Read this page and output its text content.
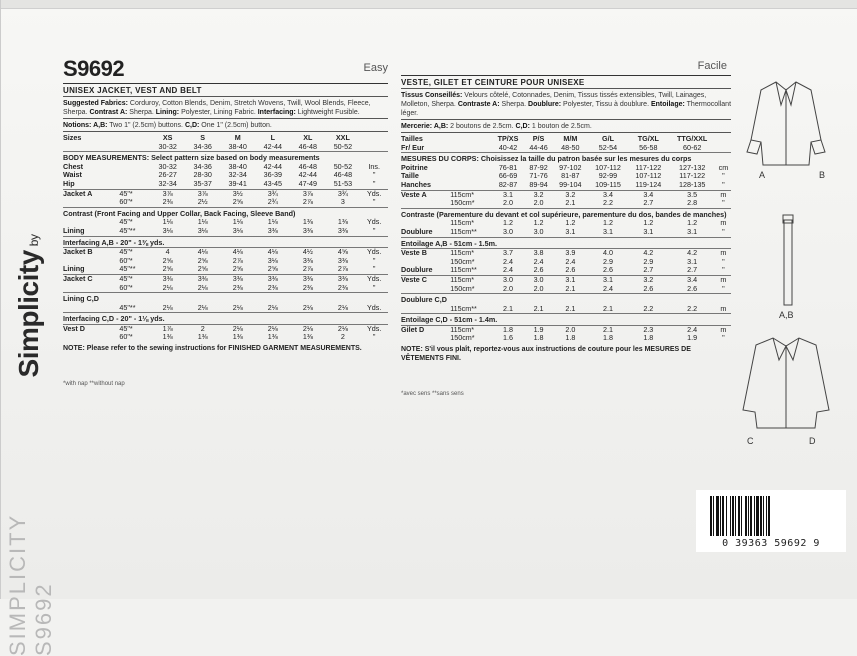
Simplicityby
SIMPLICITY S9692
S9692	Easy
UNISEX JACKET, VEST AND BELT
Suggested Fabrics: Corduroy, Cotton Blends, Denim, Stretch Wovens, Twill, Wool Blends, Fleece, Sherpa. Contrast A: Sherpa. Lining: Polyester, Lining Fabric. Interfacing: Lightweight Fusible.
Notions: A,B: Two 1" (2.5cm) buttons. C,D: One 1" (2.5cm) button.
Sizes		XS	S	M	L	XL	XXL	
		30-32	34-36	38-40	42-44	46-48	50-52	
BODY MEASUREMENTS: Select pattern size based on body measurements								
Chest		30-32	34-36	38-40	42-44	46-48	50-52	Ins.
Waist		26-27	28-30	32-34	36-39	42-44	46-48	"
Hip		32-34	35-37	39-41	43-45	47-49	51-53	"
Jacket A	45"*	3⅞	3⅞	3½	3¾	3⅞	3¾	Yds.
	60"*	2⅜	2½	2⅝	2¾	2⅞	3	"
Contrast (Front Facing and Upper Collar, Back Facing, Sleeve Band)								
	45"*	1⅛	1⅛	1⅛	1⅛	1⅜	1⅜	Yds.
Lining	45"**	3⅛	3⅛	3⅛	3⅜	3⅜	3⅜	"
Interfacing A,B - 20" - 1⅜ yds.								
Jacket B	45"*	4	4⅛	4⅛	4⅛	4½	4⅝	Yds.
	60"*	2⅝	2⅝	2⅞	3⅛	3⅜	3⅜	"
Lining	45"**	2⅝	2⅝	2⅝	2⅝	2⅞	2⅞	"
Jacket C	45"*	3⅜	3⅜	3⅜	3⅜	3⅜	3⅜	Yds.
	60"*	2⅛	2⅛	2⅜	2⅜	2⅜	2⅜	"
Lining C,D								
	45"**	2⅛	2⅛	2⅛	2⅛	2⅛	2⅛	Yds.
Interfacing C,D - 20" - 1⅛ yds.								
Vest D	45"*	1⅞	2	2⅛	2⅛	2⅛	2⅛	Yds.
	60"*	1⅜	1⅜	1⅜	1⅜	1⅜	2	"
NOTE: Please refer to the sewing instructions for FINISHED GARMENT MEASUREMENTS.
*with nap **without nap
Facile
VESTE, GILET ET CEINTURE POUR UNISEXE
Tissus Conseillés: Velours côtelé, Cotonnades, Denim, Tissus tissés extensibles, Twill, Lainages, Molleton, Sherpa. Contraste A: Sherpa. Doublure: Polyester, Tissu à doublure. Entoilage: Thermocollant léger.
Mercerie: A,B: 2 boutons de 2.5cm. C,D: 1 bouton de 2.5cm.
Tailles		TP/XS	P/S	M/M	G/L	TG/XL	TTG/XXL	
Fr/ Eur		40-42	44-46	48-50	52-54	56-58	60-62	
MESURES DU CORPS: Choisissez la taille du patron basée sur les mesures du corps								
Poitrine		76-81	87-92	97-102	107-112	117-122	127-132	cm
Taille		66-69	71-76	81-87	92-99	107-112	117-122	"
Hanches		82-87	89-94	99-104	109-115	119-124	128-135	"
Veste A	115cm*	3.1	3.2	3.2	3.4	3.4	3.5	m
	150cm*	2.0	2.0	2.1	2.2	2.7	2.8	"
Contraste (Parementure du devant et col supérieure, parementure du dos, bandes de manches)								
	115cm*	1.2	1.2	1.2	1.2	1.2	1.2	m
Doublure	115cm**	3.0	3.0	3.1	3.1	3.1	3.1	"
Entoilage A,B - 51cm - 1.5m.								
Veste B	115cm*	3.7	3.8	3.9	4.0	4.2	4.2	m
	150cm*	2.4	2.4	2.4	2.9	2.9	3.1	"
Doublure	115cm**	2.4	2.6	2.6	2.6	2.7	2.7	"
Veste C	115cm*	3.0	3.0	3.1	3.1	3.2	3.4	m
	150cm*	2.0	2.0	2.1	2.4	2.6	2.6	"
Doublure C,D								
	115cm**	2.1	2.1	2.1	2.1	2.2	2.2	m
Entoilage C,D - 51cm - 1.4m.								
Gilet D	115cm*	1.8	1.9	2.0	2.1	2.3	2.4	m
	150cm*	1.6	1.8	1.8	1.8	1.8	1.9	"
NOTE: S'il vous plaît, reportez-vous aux instructions de couture pour les MESURES DE VÊTEMENTS FINI.
*avec sens **sans sens
A	B
A,B
C	D
0 39363 59692 9
